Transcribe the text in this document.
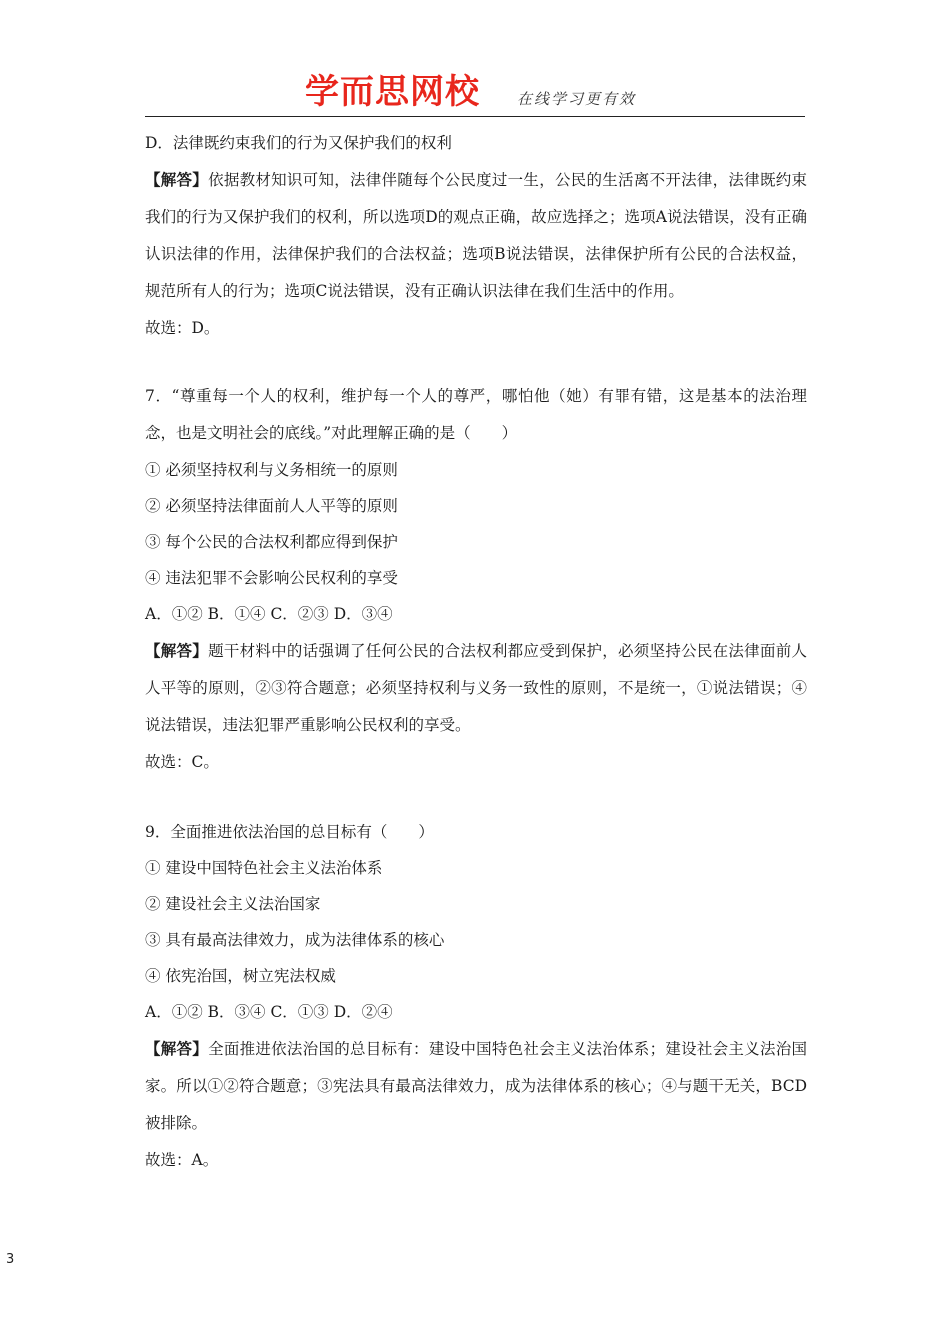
学而思网校 在线学习更有效

D．法律既约束我们的行为又保护我们的权利

【解答】依据教材知识可知，法律伴随每个公民度过一生，公民的生活离不开法律，法律既约束我们的行为又保护我们的权利，所以选项D的观点正确，故应选择之；选项A说法错误，没有正确认识法律的作用，法律保护我们的合法权益；选项B说法错误，法律保护所有公民的合法权益，规范所有人的行为；选项C说法错误，没有正确认识法律在我们生活中的作用。

故选：D。

7．“尊重每一个人的权利，维护每一个人的尊严，哪怕他（她）有罪有错，这是基本的法治理念，也是文明社会的底线。”对此理解正确的是（　　）

① 必须坚持权利与义务相统一的原则

② 必须坚持法律面前人人平等的原则

③ 每个公民的合法权利都应得到保护

④ 违法犯罪不会影响公民权利的享受

A．①② B．①④ C．②③ D．③④

【解答】题干材料中的话强调了任何公民的合法权利都应受到保护，必须坚持公民在法律面前人人平等的原则，②③符合题意；必须坚持权利与义务一致性的原则，不是统一，①说法错误；④说法错误，违法犯罪严重影响公民权利的享受。

故选：C。

9．全面推进依法治国的总目标有（　　）

① 建设中国特色社会主义法治体系

② 建设社会主义法治国家

③ 具有最高法律效力，成为法律体系的核心

④ 依宪治国，树立宪法权威

A．①② B．③④ C．①③ D．②④

【解答】全面推进依法治国的总目标有：建设中国特色社会主义法治体系；建设社会主义法治国家。所以①②符合题意；③宪法具有最高法律效力，成为法律体系的核心；④与题干无关，BCD被排除。

故选：A。

3
